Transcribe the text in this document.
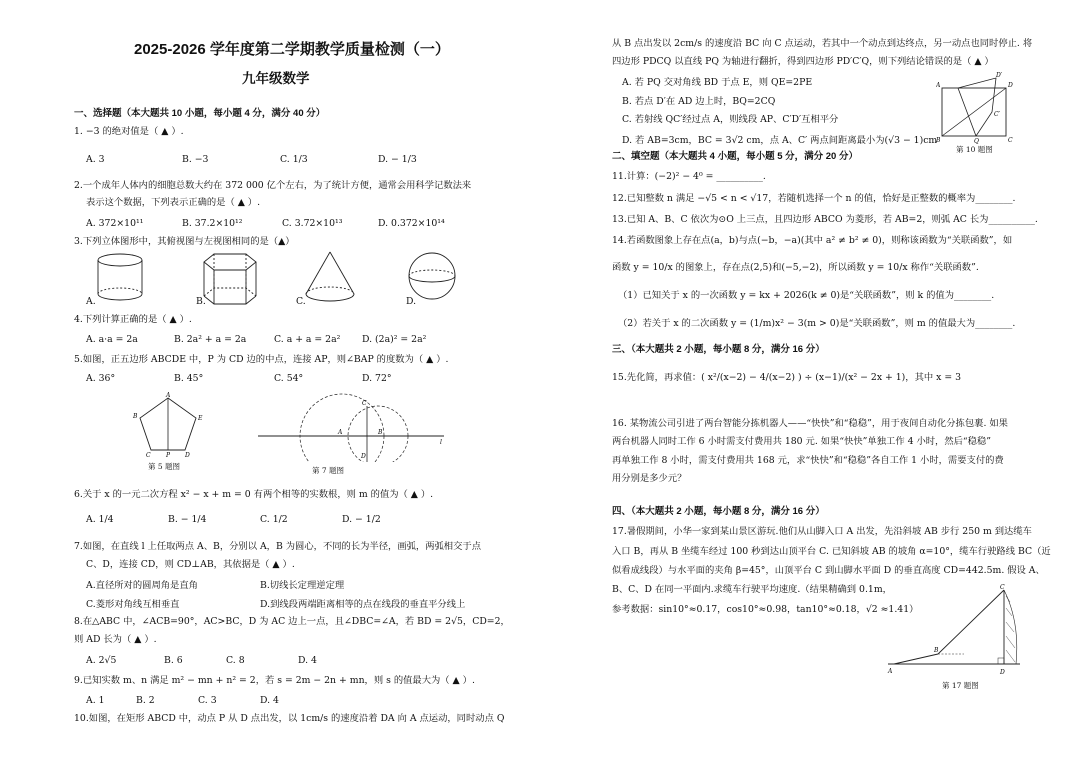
2025-2026 学年度第二学期教学质量检测（一）
九年级数学
一、选择题（本大题共 10 小题，每小题 4 分，满分 40 分）
1. −3 的绝对值是（ ▲ ）.
A. 3	B. −3	C. 1/3	D. − 1/3
2.一个成年人体内的细胞总数大约在 372 000 亿个左右，为了统计方便，通常会用科学记数法来
表示这个数据，下列表示正确的是（ ▲ ）.
A. 372×10¹¹	B. 37.2×10¹²	C. 3.72×10¹³	D. 0.372×10¹⁴
3.下列立体图形中，其俯视图与左视图相同的是（▲）
A.	B.	C.	D.
4.下列计算正确的是（ ▲ ）.
A. a·a = 2a	B. 2a² + a = 2a	C. a + a = 2a² D. (2a)² = 2a²
5.如图，正五边形 ABCDE 中，P 为 CD 边的中点，连接 AP，则∠BAP 的度数为（ ▲ ）.
A. 36°	B. 45°	C. 54°	D. 72°
A
B	E
C	P D
第 5 题图
A	B
l
C
D
第 7 题图
6.关于 x 的一元二次方程 x² − x + m = 0 有两个相等的实数根，则 m 的值为（ ▲ ）.
A. 1/4	B. − 1/4	C. 1/2	D. − 1/2
7.如图，在直线 l 上任取两点 A、B，分别以 A，B 为圆心，不同的长为半径，画弧，两弧相交于点
C、D，连接 CD，则 CD⊥AB，其依据是（ ▲ ）.
A.直径所对的圆周角是直角	B.切线长定理逆定理
C.菱形对角线互相垂直	D.到线段两端距离相等的点在线段的垂直平分线上
8.在△ABC 中，∠ACB=90°，AC>BC，D 为 AC 边上一点，且∠DBC=∠A，若 BD = 2√5，CD=2，
则 AD 长为（ ▲ ）.
A. 2√5	B. 6	C. 8	D. 4
9.已知实数 m、n 满足 m² − mn + n² = 2，若 s = 2m − 2n + mn，则 s 的值最大为（ ▲ ）.
A. 1	B. 2	C. 3	D. 4
10.如图，在矩形 ABCD 中，动点 P 从 D 点出发，以 1cm/s 的速度沿着 DA 向 A 点运动，同时动点 Q
从 B 点出发以 2cm/s 的速度沿 BC 向 C 点运动，若其中一个动点到达终点，另一动点也同时停止. 将
四边形 PDCQ 以直线 PQ 为轴进行翻折，得到四边形 PD′C′Q，则下列结论错误的是（ ▲ ）
A. 若 PQ 交对角线 BD 于点 E，则 QE=2PE
B. 若点 D′在 AD 边上时，BQ=2CQ
C. 若射线 QC′经过点 A，则线段 AP、C′D′互相平分
D. 若 AB=3cm，BC = 3√2 cm，点 A、C′ 两点间距离最小为(√3 − 1)cm
A	D
D′
B	Q	C
C′
第 10 题图
二、填空题（本大题共 4 小题，每小题 5 分，满分 20 分）
11.计算：(−2)² − 4⁰ = __________.
12.已知整数 n 满足 −√5 < n < √17，若随机选择一个 n 的值，恰好是正整数的概率为________.
13.已知 A、B、C 依次为⊙O 上三点，且四边形 ABCO 为菱形，若 AB=2，则弧 AC 长为__________.
14.若函数图象上存在点(a，b)与点(−b，−a)(其中 a² ≠ b² ≠ 0)，则称该函数为“关联函数”，如
函数 y = 10/x 的图象上，存在点(2,5)和(−5,−2)，所以函数 y = 10/x 称作“关联函数”.
（1）已知关于 x 的一次函数 y = kx + 2026(k ≠ 0)是“关联函数”，则 k 的值为________.
（2）若关于 x 的二次函数 y = (1/m)x² − 3(m > 0)是“关联函数”，则 m 的值最大为________.
三、（本大题共 2 小题，每小题 8 分，满分 16 分）
15.先化简，再求值：( x²/(x−2) − 4/(x−2) ) ÷ (x−1)/(x² − 2x + 1)，其中 x = 3
16. 某物流公司引进了两台智能分拣机器人——“快快”和“稳稳”，用于夜间自动化分拣包裹. 如果
两台机器人同时工作 6 小时需支付费用共 180 元. 如果“快快”单独工作 4 小时，然后“稳稳”
再单独工作 8 小时，需支付费用共 168 元，求“快快”和“稳稳”各自工作 1 小时，需要支付的费
用分别是多少元？
四、（本大题共 2 小题，每小题 8 分，满分 16 分）
17.暑假期间，小华一家到某山景区游玩.他们从山脚入口 A 出发，先沿斜坡 AB 步行 250 m 到达缆车
入口 B，再从 B 坐缆车经过 100 秒到达山顶平台 C. 已知斜坡 AB 的坡角 α=10°，缆车行驶路线 BC（近
似看成线段）与水平面的夹角 β=45°，山顶平台 C 到山脚水平面 D 的垂直高度 CD=442.5m. 假设 A、
B、C、D 在同一平面内.求缆车行驶平均速度.（结果精确到 0.1m，
参考数据：sin10°≈0.17，cos10°≈0.98，tan10°≈0.18，√2 ≈1.41）
A
B
C
D
第 17 题图
